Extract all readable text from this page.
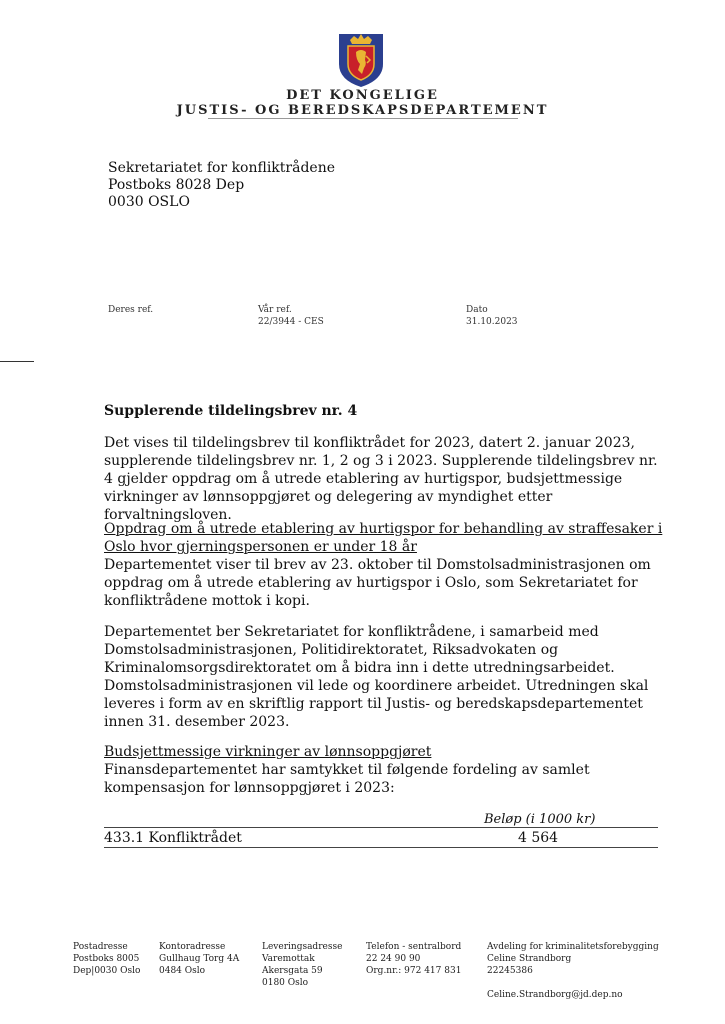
DET KONGELIGE
JUSTIS- OG BEREDSKAPSDEPARTEMENT
Sekretariatet for konfliktrådene
Postboks 8028 Dep
0030 OSLO
Deres ref.	Vår ref.
22/3944 - CES
Dato
31.10.2023
Supplerende tildelingsbrev nr. 4

Det vises til tildelingsbrev til konfliktrådet for 2023, datert 2. januar 2023, supplerende tildelingsbrev nr. 1, 2 og 3 i 2023. Supplerende tildelingsbrev nr. 4 gjelder oppdrag om å utrede etablering av hurtigspor, budsjettmessige virkninger av lønnsoppgjøret og delegering av myndighet etter forvaltningsloven.

Oppdrag om å utrede etablering av hurtigspor for behandling av straffesaker i Oslo hvor gjerningspersonen er under 18 år

Departementet viser til brev av 23. oktober til Domstolsadministrasjonen om oppdrag om å utrede etablering av hurtigspor i Oslo, som Sekretariatet for konfliktrådene mottok i kopi.

Departementet ber Sekretariatet for konfliktrådene, i samarbeid med Domstolsadministrasjonen, Politidirektoratet, Riksadvokaten og Kriminalomsorgsdirektoratet om å bidra inn i dette utredningsarbeidet. Domstolsadministrasjonen vil lede og koordinere arbeidet. Utredningen skal leveres i form av en skriftlig rapport til Justis- og beredskapsdepartementet innen 31. desember 2023.

Budsjettmessige virkninger av lønnsoppgjøret

Finansdepartementet har samtykket til følgende fordeling av samlet kompensasjon for lønnsoppgjøret i 2023:

Beløp (i 1000 kr)
433.1 Konfliktrådet	4 564
Postadresse
Postboks 8005
Dep|0030 Oslo
Kontoradresse
Gullhaug Torg 4A
0484 Oslo
Leveringsadresse
Varemottak
Akersgata 59
0180 Oslo
Telefon - sentralbord
22 24 90 90
Org.nr.: 972 417 831
Avdeling for kriminalitetsforebygging
Celine Strandborg
22245386
Celine.Strandborg@jd.dep.no
